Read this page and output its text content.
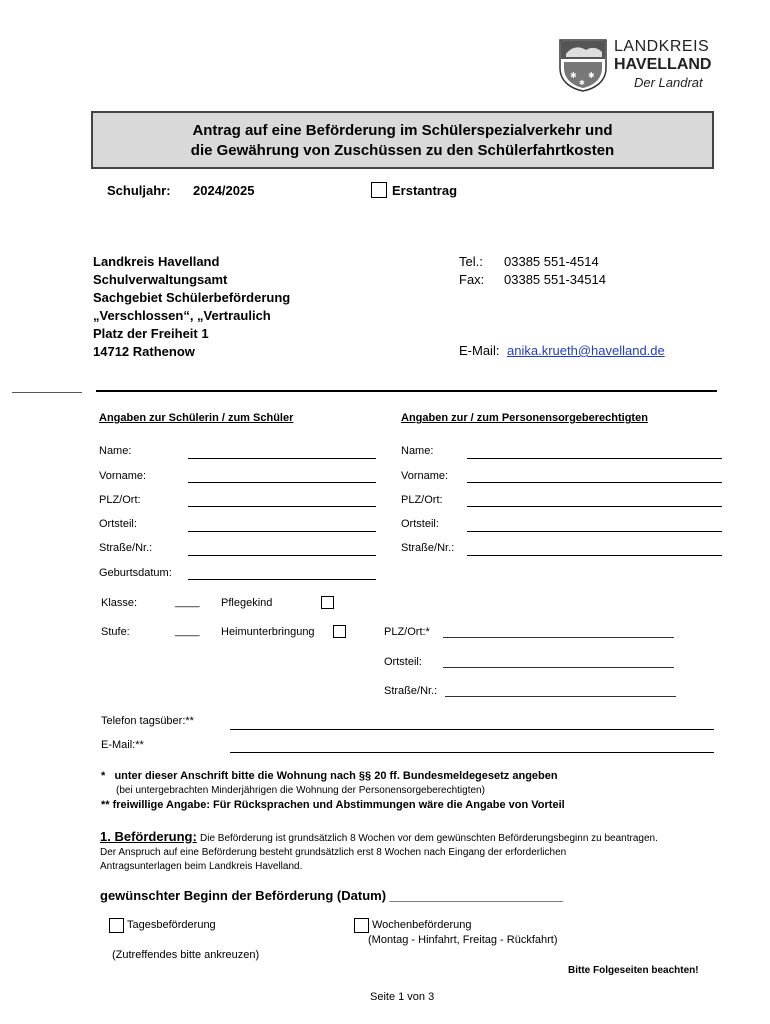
✱ ✱
✱
LANDKREIS
HAVELLAND
Der Landrat
Antrag auf eine Beförderung im Schülerspezialverkehr und
die Gewährung von Zuschüssen zu den Schülerfahrtkosten
Schuljahr: 2024/2025	Erstantrag
Landkreis Havelland
Schulverwaltungsamt
Sachgebiet Schülerbeförderung
„Verschlossen“, „Vertraulich
Platz der Freiheit 1
14712 Rathenow
Tel.: 03385 551-4514
Fax: 03385 551-34514
E-Mail: anika.krueth@havelland.de
Angaben zur Schülerin / zum Schüler
Name:
Vorname:
PLZ/Ort:
Ortsteil:
Straße/Nr.:
Geburtsdatum:
Klasse:	____ Pflegekind
Stufe:	____ Heimunterbringung
Angaben zur / zum Personensorgeberechtigten
Name:
Vorname:
PLZ/Ort:
Ortsteil:
Straße/Nr.:
PLZ/Ort:*
Ortsteil:
Straße/Nr.:
Telefon tagsüber:**
E-Mail:**
*   unter dieser Anschrift bitte die Wohnung nach §§ 20 ff. Bundesmeldegesetz angeben
(bei untergebrachten Minderjährigen die Wohnung der Personensorgeberechtigten)
** freiwillige Angabe: Für Rücksprachen und Abstimmungen wäre die Angabe von Vorteil
1. Beförderung: Die Beförderung ist grundsätzlich 8 Wochen vor dem gewünschten Beförderungsbeginn zu beantragen.
Der Anspruch auf eine Beförderung besteht grundsätzlich erst 8 Wochen nach Eingang der erforderlichen
Antragsunterlagen beim Landkreis Havelland.
gewünschter Beginn der Beförderung (Datum) ________________________
Tagesbeförderung	Wochenbeförderung
(Montag - Hinfahrt, Freitag - Rückfahrt)
(Zutreffendes bitte ankreuzen)
Bitte Folgeseiten beachten!
Seite 1 von 3
